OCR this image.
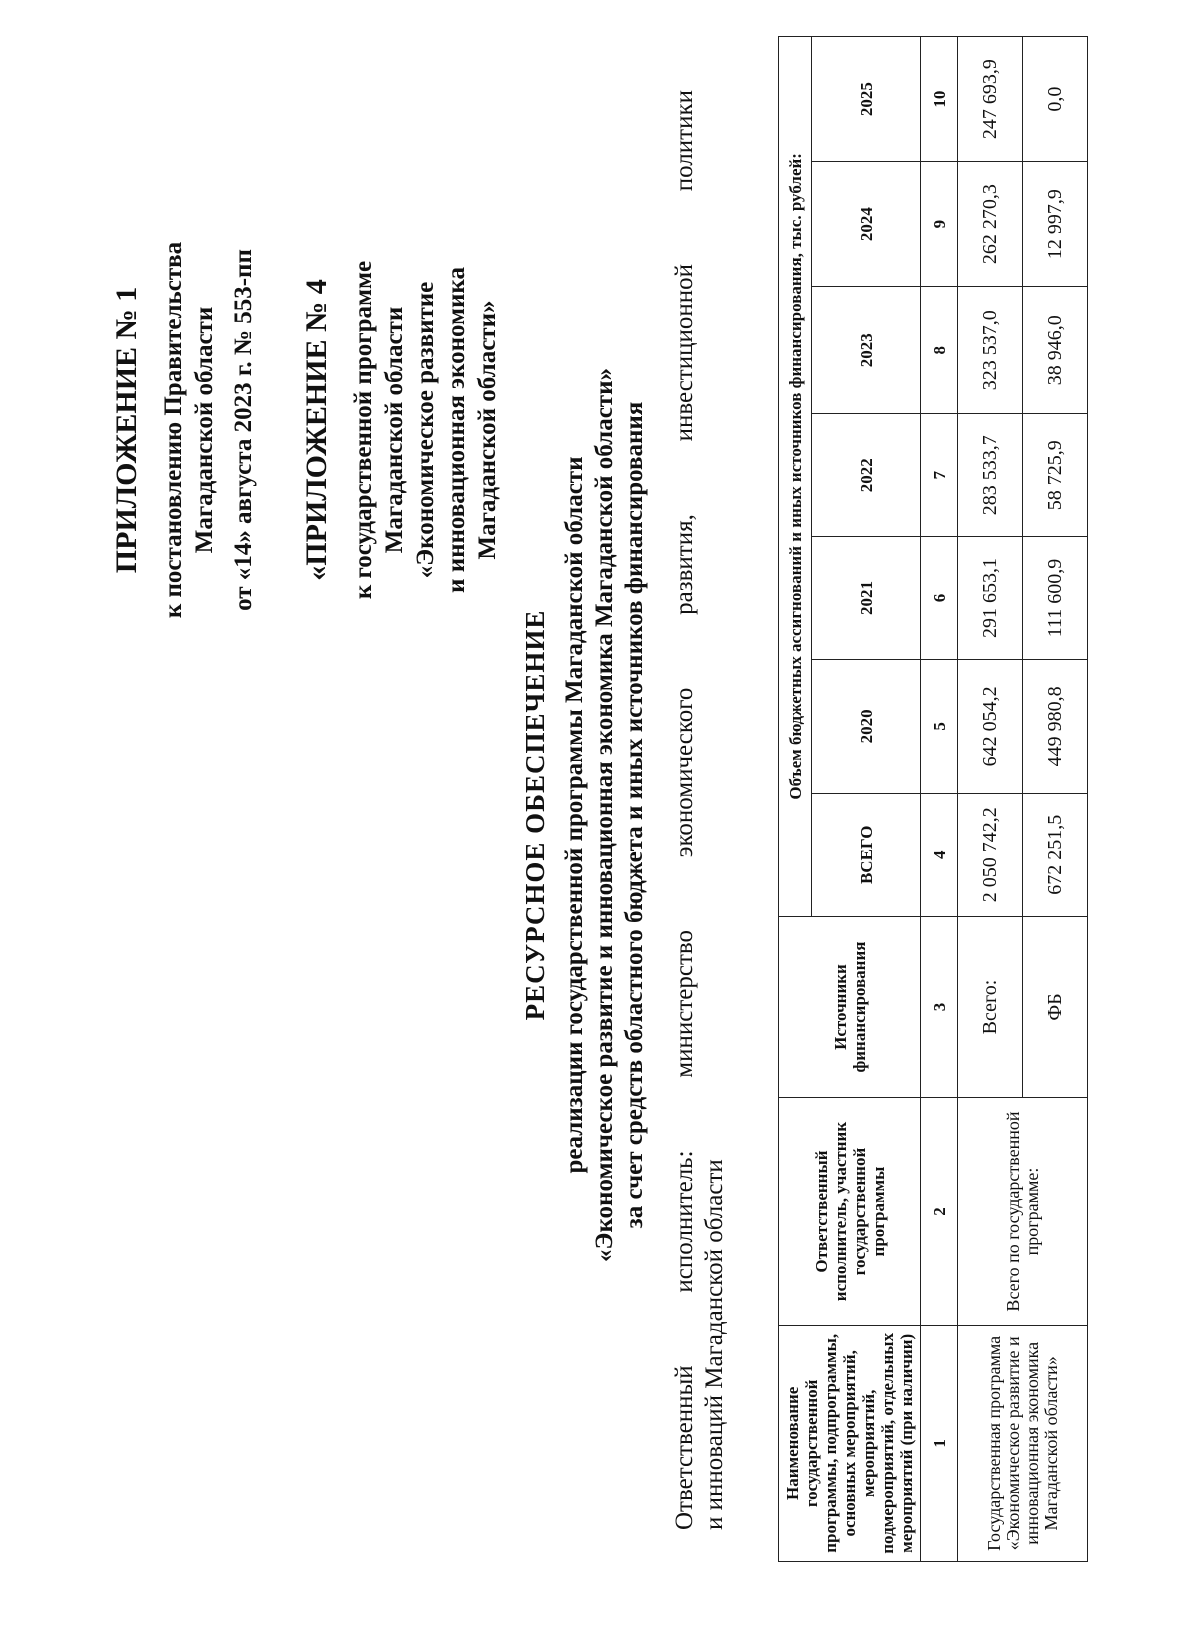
ПРИЛОЖЕНИЕ № 1 к постановлению Правительства Магаданской области от «14» августа 2023 г. № 553-пп «ПРИЛОЖЕНИЕ № 4 к государственной программе Магаданской области «Экономическое развитие и инновационная экономика Магаданской области»

РЕСУРСНОЕ ОБЕСПЕЧЕНИЕ реализации государственной программы Магаданской области «Экономическое развитие и инновационная экономика Магаданской области» за счет средств областного бюджета и иных источников финансирования Ответственный исполнитель: министерство экономического развития, инвестиционной политики и инноваций Магаданской области	Наименование государственной программы, подпрограммы, основных мероприятий, мероприятий, подмероприятий, отдельных мероприятий (при наличии)	Ответственный исполнитель, участник государственной программы	Источники финансирования	Объем бюджетных ассигнований и иных источников финансирования, тыс. рублей:						
			ВСЕГО	2020	2021	2022	2023	2024	2025
1	2	3	4	5	6	7	8	9	10
Государственная программа «Экономическое развитие и инновационная экономика Магаданской области»	Всего по государственной программе:	Всего:	2 050 742,2	642 054,2	291 653,1	283 533,7	323 537,0	262 270,3	247 693,9
		ФБ	672 251,5	449 980,8	111 600,9	58 725,9	38 946,0	12 997,9	0,0
